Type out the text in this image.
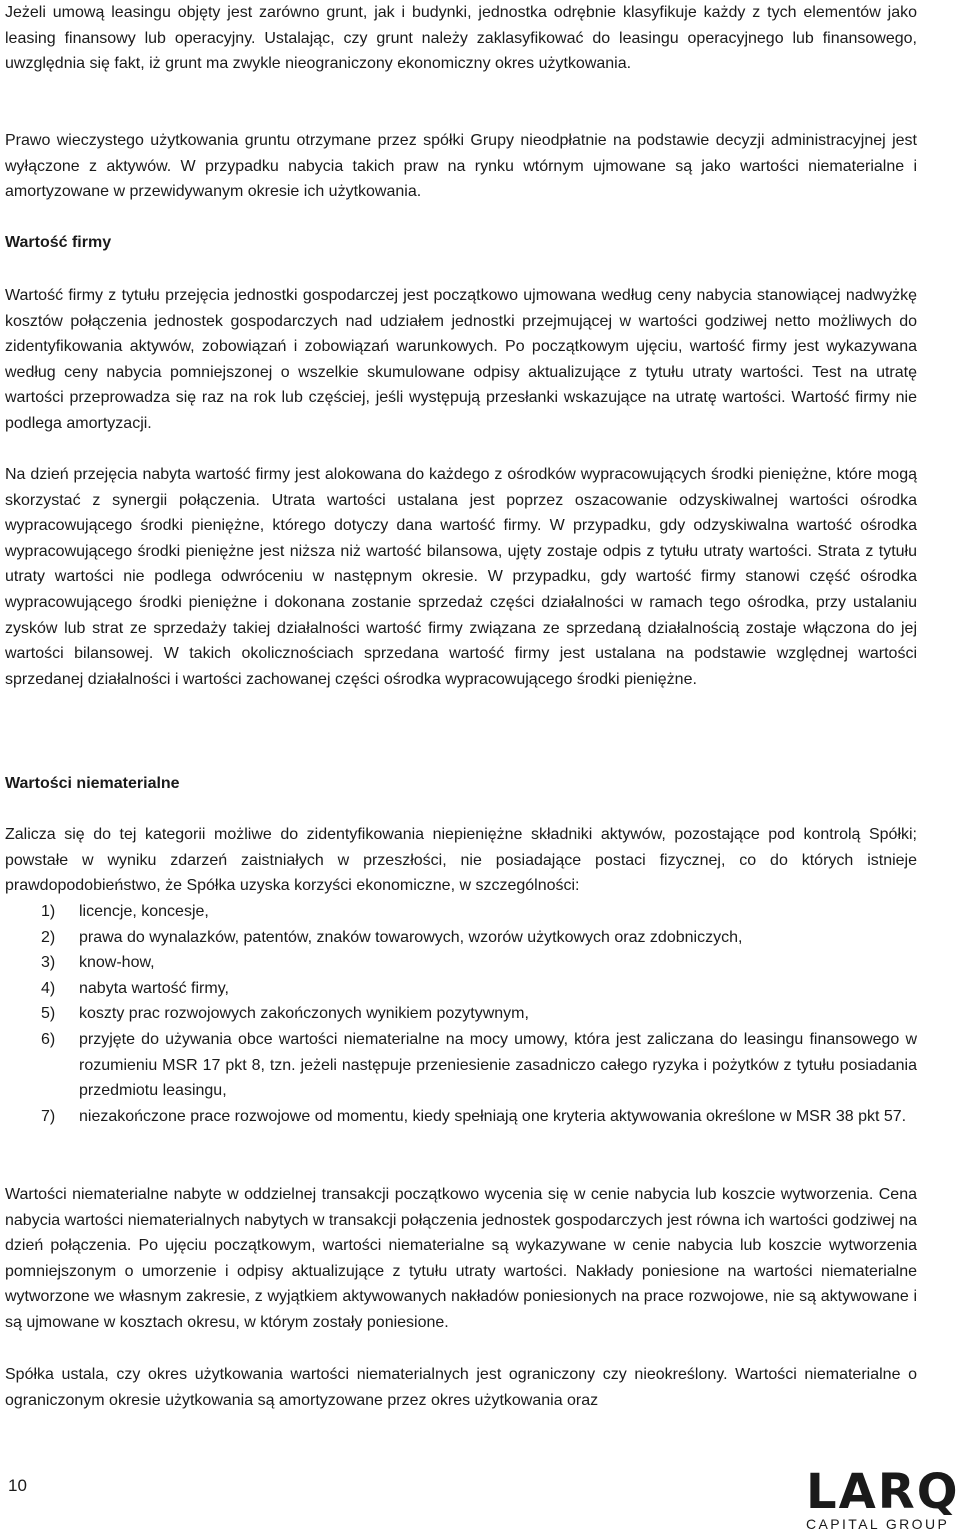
Jeżeli umową leasingu objęty jest zarówno grunt, jak i budynki, jednostka odrębnie klasyfikuje każdy z tych elementów jako leasing finansowy lub operacyjny. Ustalając, czy grunt należy zaklasyfikować do leasingu operacyjnego lub finansowego, uwzględnia się fakt, iż grunt ma zwykle nieograniczony ekonomiczny okres użytkowania.

Prawo wieczystego użytkowania gruntu otrzymane przez spółki Grupy nieodpłatnie na podstawie decyzji administracyjnej jest wyłączone z aktywów. W przypadku nabycia takich praw na rynku wtórnym ujmowane są jako wartości niematerialne i amortyzowane w przewidywanym okresie ich użytkowania.

Wartość firmy

Wartość firmy z tytułu przejęcia jednostki gospodarczej jest początkowo ujmowana według ceny nabycia stanowiącej nadwyżkę kosztów połączenia jednostek gospodarczych nad udziałem jednostki przejmującej w wartości godziwej netto możliwych do zidentyfikowania aktywów, zobowiązań i zobowiązań warunkowych. Po początkowym ujęciu, wartość firmy jest wykazywana według ceny nabycia pomniejszonej o wszelkie skumulowane odpisy aktualizujące z tytułu utraty wartości. Test na utratę wartości przeprowadza się raz na rok lub częściej, jeśli występują przesłanki wskazujące na utratę wartości. Wartość firmy nie podlega amortyzacji.

Na dzień przejęcia nabyta wartość firmy jest alokowana do każdego z ośrodków wypracowujących środki pieniężne, które mogą skorzystać z synergii połączenia. Utrata wartości ustalana jest poprzez oszacowanie odzyskiwalnej wartości ośrodka wypracowującego środki pieniężne, którego dotyczy dana wartość firmy. W przypadku, gdy odzyskiwalna wartość ośrodka wypracowującego środki pieniężne jest niższa niż wartość bilansowa, ujęty zostaje odpis z tytułu utraty wartości. Strata z tytułu utraty wartości nie podlega odwróceniu w następnym okresie. W przypadku, gdy wartość firmy stanowi część ośrodka wypracowującego środki pieniężne i dokonana zostanie sprzedaż części działalności w ramach tego ośrodka, przy ustalaniu zysków lub strat ze sprzedaży takiej działalności wartość firmy związana ze sprzedaną działalnością zostaje włączona do jej wartości bilansowej. W takich okolicznościach sprzedana wartość firmy jest ustalana na podstawie względnej wartości sprzedanej działalności i wartości zachowanej części ośrodka wypracowującego środki pieniężne.

Wartości niematerialne

Zalicza się do tej kategorii możliwe do zidentyfikowania niepieniężne składniki aktywów, pozostające pod kontrolą Spółki; powstałe w wyniku zdarzeń zaistniałych w przeszłości, nie posiadające postaci fizycznej, co do których istnieje prawdopodobieństwo, że Spółka uzyska korzyści ekonomiczne, w szczególności:

1)	licencje, koncesje,
2)	prawa do wynalazków, patentów, znaków towarowych, wzorów użytkowych oraz zdobniczych,
3)	know-how,
4)	nabyta wartość firmy,
5)	koszty prac rozwojowych zakończonych wynikiem pozytywnym,
6)	przyjęte do używania obce wartości niematerialne na mocy umowy, która jest zaliczana do leasingu finansowego w rozumieniu MSR 17 pkt 8, tzn. jeżeli następuje przeniesienie zasadniczo całego ryzyka i pożytków z tytułu posiadania przedmiotu leasingu,
7)	niezakończone prace rozwojowe od momentu, kiedy spełniają one kryteria aktywowania określone w MSR 38 pkt 57.

Wartości niematerialne nabyte w oddzielnej transakcji początkowo wycenia się w cenie nabycia lub koszcie wytworzenia. Cena nabycia wartości niematerialnych nabytych w transakcji połączenia jednostek gospodarczych jest równa ich wartości godziwej na dzień połączenia. Po ujęciu początkowym, wartości niematerialne są wykazywane w cenie nabycia lub koszcie wytworzenia pomniejszonym o umorzenie i odpisy aktualizujące z tytułu utraty wartości. Nakłady poniesione na wartości niematerialne wytworzone we własnym zakresie, z wyjątkiem aktywowanych nakładów poniesionych na prace rozwojowe, nie są aktywowane i są ujmowane w kosztach okresu, w którym zostały poniesione.

Spółka ustala, czy okres użytkowania wartości niematerialnych jest ograniczony czy nieokreślony. Wartości niematerialne o ograniczonym okresie użytkowania są amortyzowane przez okres użytkowania oraz

10	LARQ
CAPITAL GROUP
